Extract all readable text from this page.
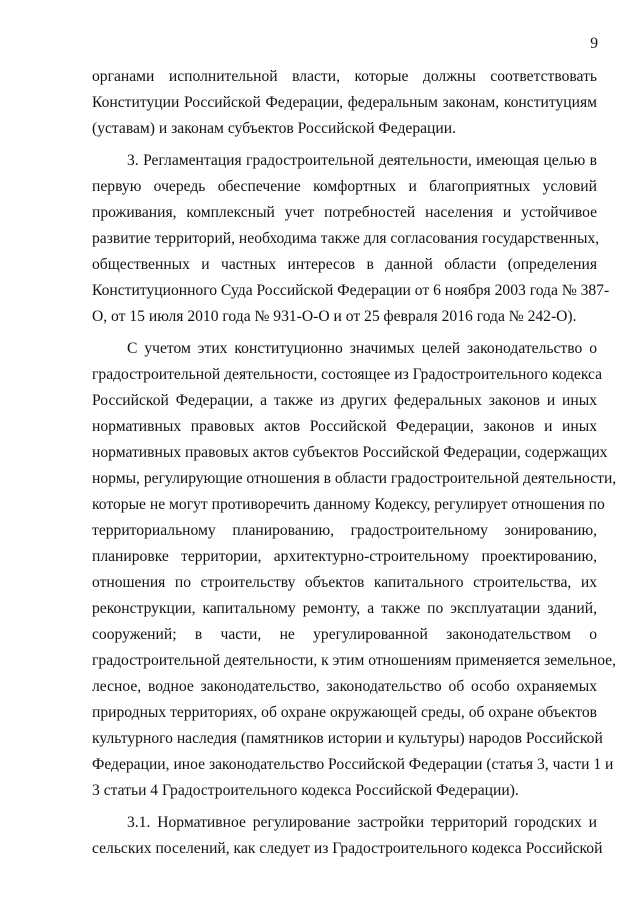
9
органами исполнительной власти, которые должны соответствовать
Конституции Российской Федерации, федеральным законам, конституциям
(уставам) и законам субъектов Российской Федерации.
3. Регламентация градостроительной деятельности, имеющая целью в
первую очередь обеспечение комфортных и благоприятных условий
проживания, комплексный учет потребностей населения и устойчивое
развитие территорий, необходима также для согласования государственных,
общественных и частных интересов в данной области (определения
Конституционного Суда Российской Федерации от 6 ноября 2003 года № 387-
О, от 15 июля 2010 года № 931-О-О и от 25 февраля 2016 года № 242-О).
С учетом этих конституционно значимых целей законодательство о
градостроительной деятельности, состоящее из Градостроительного кодекса
Российской Федерации, а также из других федеральных законов и иных
нормативных правовых актов Российской Федерации, законов и иных
нормативных правовых актов субъектов Российской Федерации, содержащих
нормы, регулирующие отношения в области градостроительной деятельности,
которые не могут противоречить данному Кодексу, регулирует отношения по
территориальному планированию, градостроительному зонированию,
планировке территории, архитектурно-строительному проектированию,
отношения по строительству объектов капитального строительства, их
реконструкции, капитальному ремонту, а также по эксплуатации зданий,
сооружений; в части, не урегулированной законодательством о
градостроительной деятельности, к этим отношениям применяется земельное,
лесное, водное законодательство, законодательство об особо охраняемых
природных территориях, об охране окружающей среды, об охране объектов
культурного наследия (памятников истории и культуры) народов Российской
Федерации, иное законодательство Российской Федерации (статья 3, части 1 и
3 статьи 4 Градостроительного кодекса Российской Федерации).
3.1. Нормативное регулирование застройки территорий городских и
сельских поселений, как следует из Градостроительного кодекса Российской
